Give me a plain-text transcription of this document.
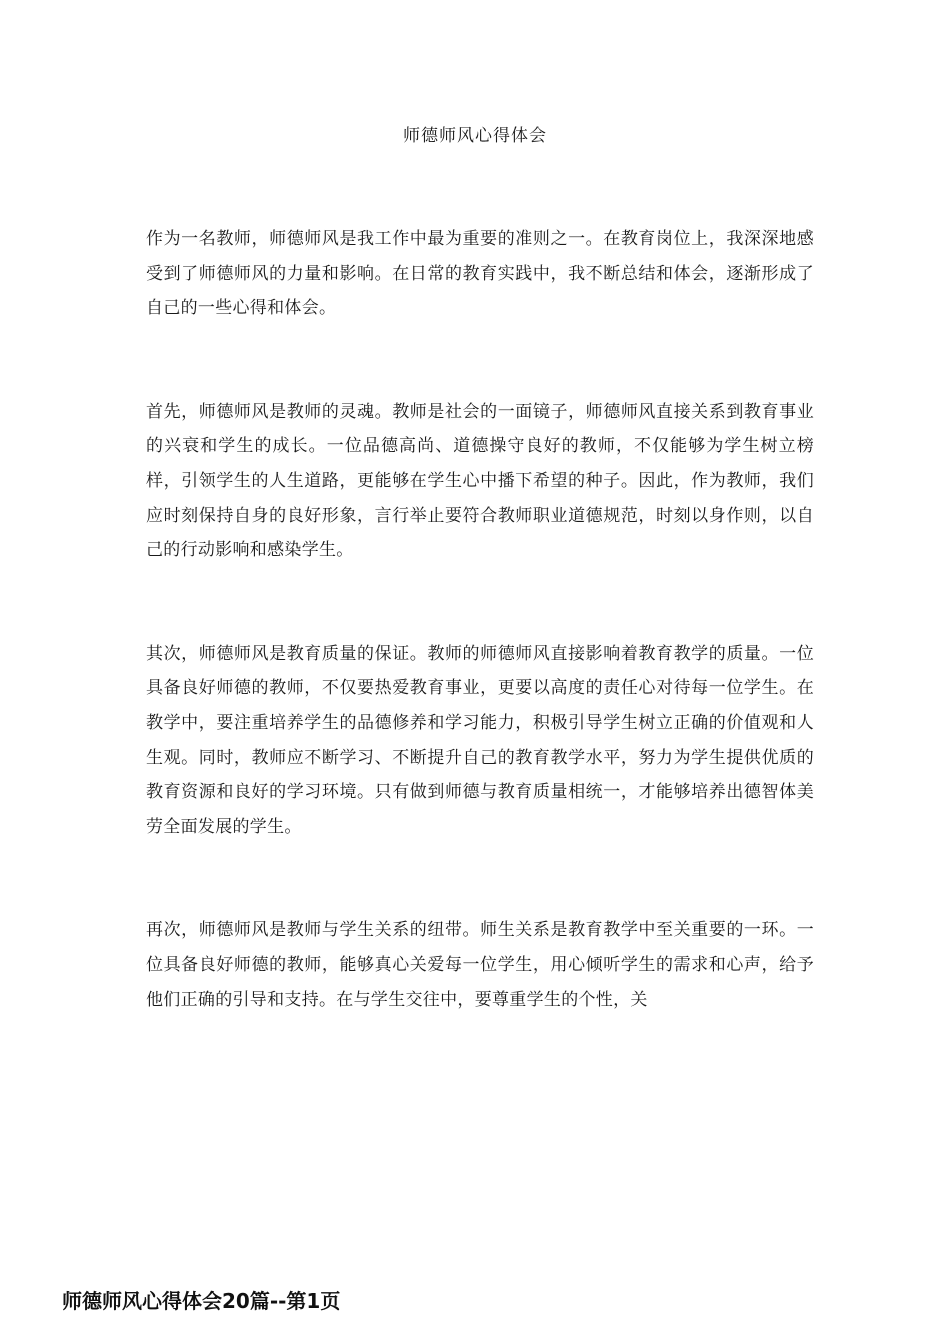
师德师风心得体会

作为一名教师，师德师风是我工作中最为重要的准则之一。在教育岗位上，我深深地感受到了师德师风的力量和影响。在日常的教育实践中，我不断总结和体会，逐渐形成了自己的一些心得和体会。

首先，师德师风是教师的灵魂。教师是社会的一面镜子，师德师风直接关系到教育事业的兴衰和学生的成长。一位品德高尚、道德操守良好的教师，不仅能够为学生树立榜样，引领学生的人生道路，更能够在学生心中播下希望的种子。因此，作为教师，我们应时刻保持自身的良好形象，言行举止要符合教师职业道德规范，时刻以身作则，以自己的行动影响和感染学生。

其次，师德师风是教育质量的保证。教师的师德师风直接影响着教育教学的质量。一位具备良好师德的教师，不仅要热爱教育事业，更要以高度的责任心对待每一位学生。在教学中，要注重培养学生的品德修养和学习能力，积极引导学生树立正确的价值观和人生观。同时，教师应不断学习、不断提升自己的教育教学水平，努力为学生提供优质的教育资源和良好的学习环境。只有做到师德与教育质量相统一，才能够培养出德智体美劳全面发展的学生。

再次，师德师风是教师与学生关系的纽带。师生关系是教育教学中至关重要的一环。一位具备良好师德的教师，能够真心关爱每一位学生，用心倾听学生的需求和心声，给予他们正确的引导和支持。在与学生交往中，要尊重学生的个性，关

师德师风心得体会20篇--第1页
